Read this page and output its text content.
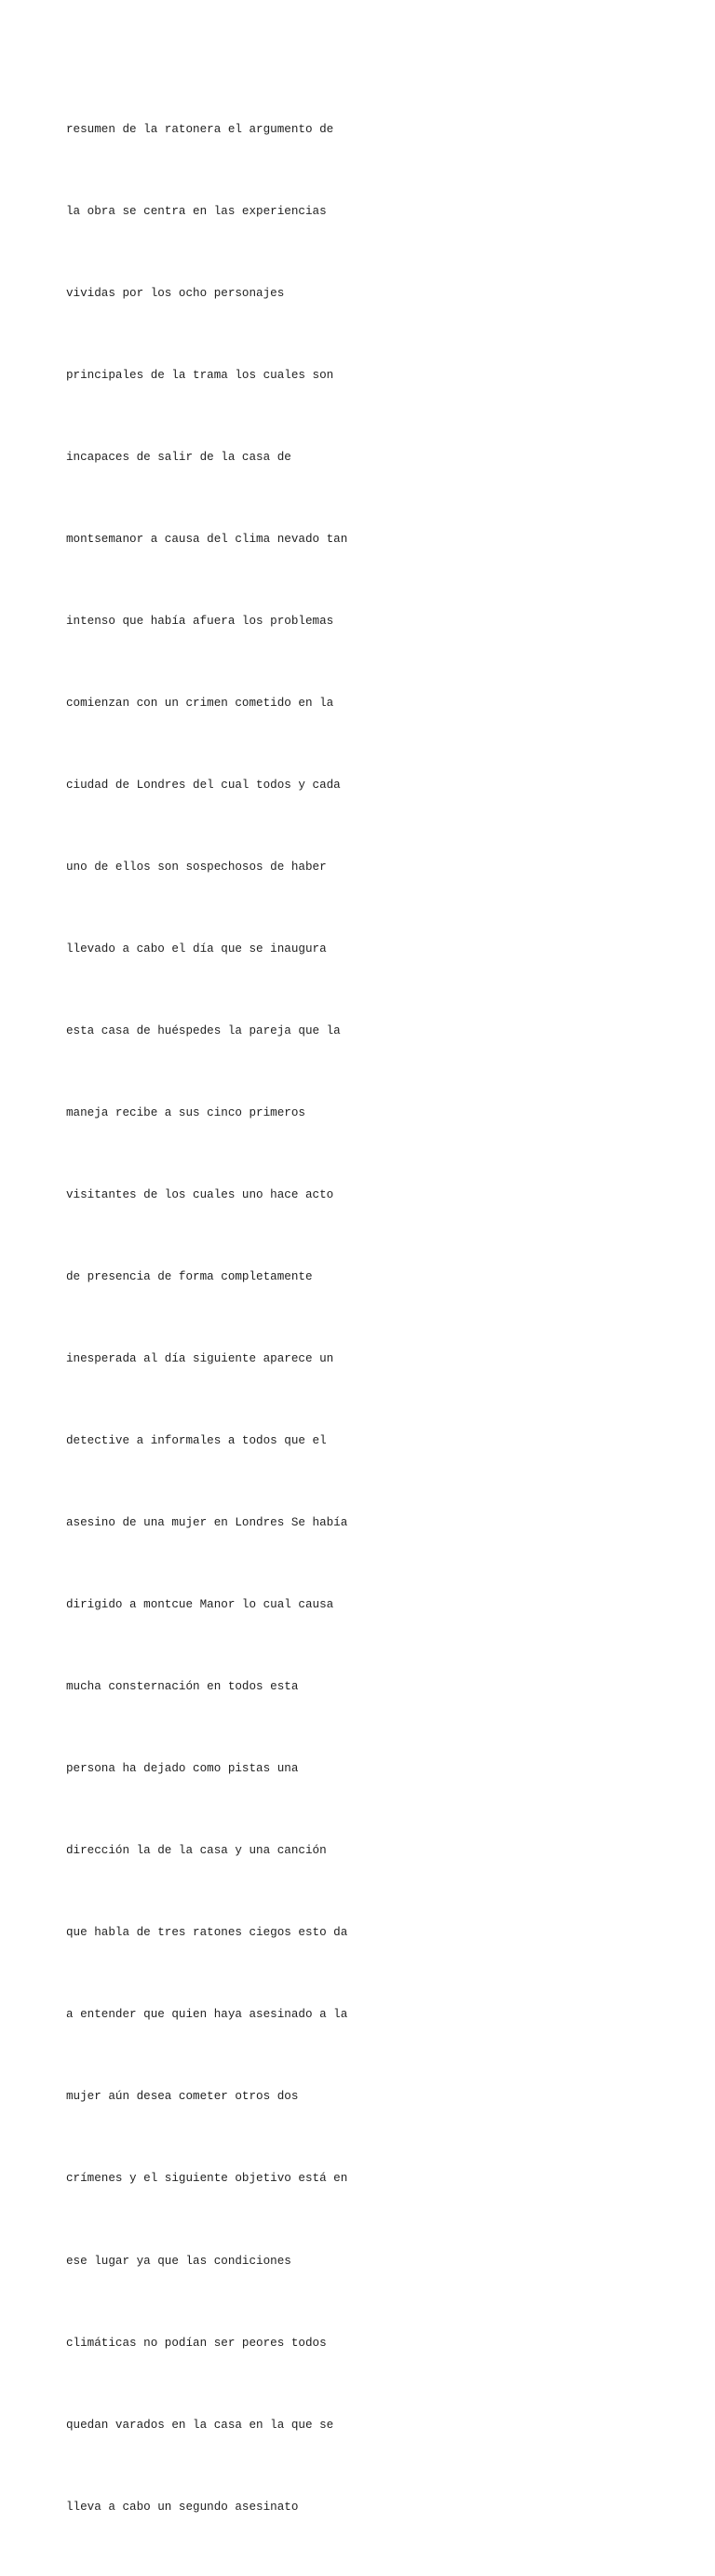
resumen de la ratonera el argumento de

la obra se centra en las experiencias

vividas por los ocho personajes

principales de la trama los cuales son

incapaces de salir de la casa de

montsemanor a causa del clima nevado tan

intenso que había afuera los problemas

comienzan con un crimen cometido en la

ciudad de Londres del cual todos y cada

uno de ellos son sospechosos de haber

llevado a cabo el día que se inaugura

esta casa de huéspedes la pareja que la

maneja recibe a sus cinco primeros

visitantes de los cuales uno hace acto

de presencia de forma completamente

inesperada al día siguiente aparece un

detective a informales a todos que el

asesino de una mujer en Londres Se había

dirigido a montcue Manor lo cual causa

mucha consternación en todos esta

persona ha dejado como pistas una

dirección la de la casa y una canción

que habla de tres ratones ciegos esto da

a entender que quien haya asesinado a la

mujer aún desea cometer otros dos

crímenes y el siguiente objetivo está en

ese lugar ya que las condiciones

climáticas no podían ser peores todos

quedan varados en la casa en la que se

lleva a cabo un segundo asesinato
